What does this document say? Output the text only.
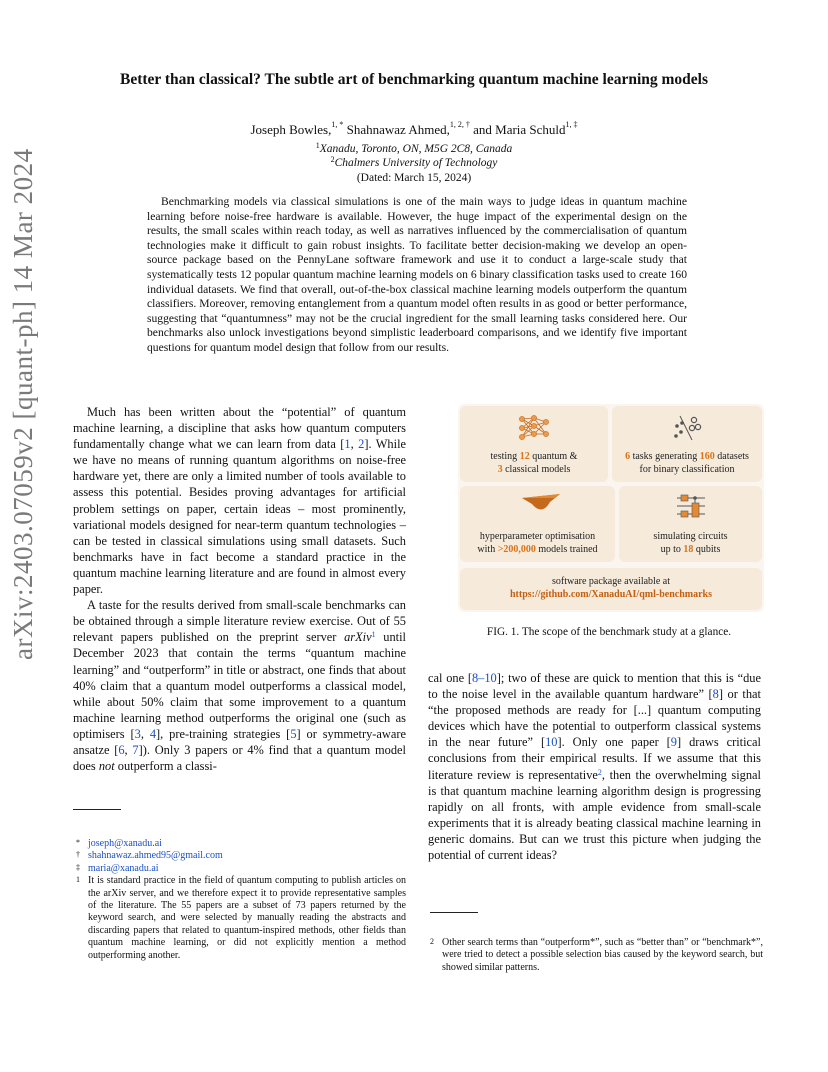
arXiv:2403.07059v2 [quant-ph] 14 Mar 2024
Better than classical? The subtle art of benchmarking quantum machine learning models
Joseph Bowles,$^{1, *}$ Shahnawaz Ahmed,$^{1, 2, \dagger}$ and Maria Schuld$^{1, \ddagger}$
$^1$Xanadu, Toronto, ON, M5G 2C8, Canada
$^2$Chalmers University of Technology
(Dated: March 15, 2024)
Benchmarking models via classical simulations is one of the main ways to judge ideas in quantum machine learning before noise-free hardware is available. However, the huge impact of the experimental design on the results, the small scales within reach today, as well as narratives influenced by the commercialisation of quantum technologies make it difficult to gain robust insights. To facilitate better decision-making we develop an open-source package based on the PennyLane software framework and use it to conduct a large-scale study that systematically tests 12 popular quantum machine learning models on 6 binary classification tasks used to create 160 individual datasets. We find that overall, out-of-the-box classical machine learning models outperform the quantum classifiers. Moreover, removing entanglement from a quantum model often results in as good or better performance, suggesting that “quantumness” may not be the crucial ingredient for the small learning tasks considered here. Our benchmarks also unlock investigations beyond simplistic leaderboard comparisons, and we identify five important questions for quantum model design that follow from our results.

Much has been written about the “potential” of quantum machine learning, a discipline that asks how quantum computers fundamentally change what we can learn from data [1, 2]. While we have no means of running quantum algorithms on noise-free hardware yet, there are only a limited number of tools available to assess this potential. Besides proving advantages for artificial problem settings on paper, certain ideas – most prominently, variational models designed for near-term quantum technologies – can be tested in classical simulations using small datasets. Such benchmarks have in fact become a standard practice in the quantum machine learning literature and are found in almost every paper.

A taste for the results derived from small-scale benchmarks can be obtained through a simple literature review exercise. Out of 55 relevant papers published on the preprint server arXiv$^1$ until December 2023 that contain the terms “quantum machine learning” and “outperform” in title or abstract, one finds that about 40% claim that a quantum model outperforms a classical model, while about 50% claim that some improvement to a quantum machine learning method outperforms the original one (such as optimisers [3, 4], pre-training strategies [5] or symmetry-aware ansatze [6, 7]). Only 3 papers or 4% find that a quantum model does not outperform a classi-

* joseph@xanadu.ai
† shahnawaz.ahmed95@gmail.com
‡ maria@xanadu.ai
1 It is standard practice in the field of quantum computing to publish articles on the arXiv server, and we therefore expect it to provide representative samples of the literature. The 55 papers are a subset of 73 papers returned by the keyword search, and were selected by manually reading the abstracts and discarding papers that related to quantum-inspired methods, other fields than quantum machine learning, or did not explicitly mention a method outperforming another.
testing 12 quantum &
3 classical models
6 tasks generating 160 datasets
for binary classification
hyperparameter optimisation
with >200,000 models trained
simulating circuits
up to 18 qubits
software package available at
https://github.com/XanaduAI/qml-benchmarks
FIG. 1. The scope of the benchmark study at a glance.

cal one [8–10]; two of these are quick to mention that this is “due to the noise level in the available quantum hardware” [8] or that “the proposed methods are ready for [...] quantum computing devices which have the potential to outperform classical systems in the near future” [10]. Only one paper [9] draws critical conclusions from their empirical results. If we assume that this literature review is representative$^2$, then the overwhelming signal is that quantum machine learning algorithm design is progressing rapidly on all fronts, with ample evidence from small-scale experiments that it is already beating classical machine learning in generic domains. But can we trust this picture when judging the potential of current ideas?

2 Other search terms than “outperform*”, such as “better than” or “benchmark*”, were tried to detect a possible selection bias caused by the keyword search, but showed similar patterns.
